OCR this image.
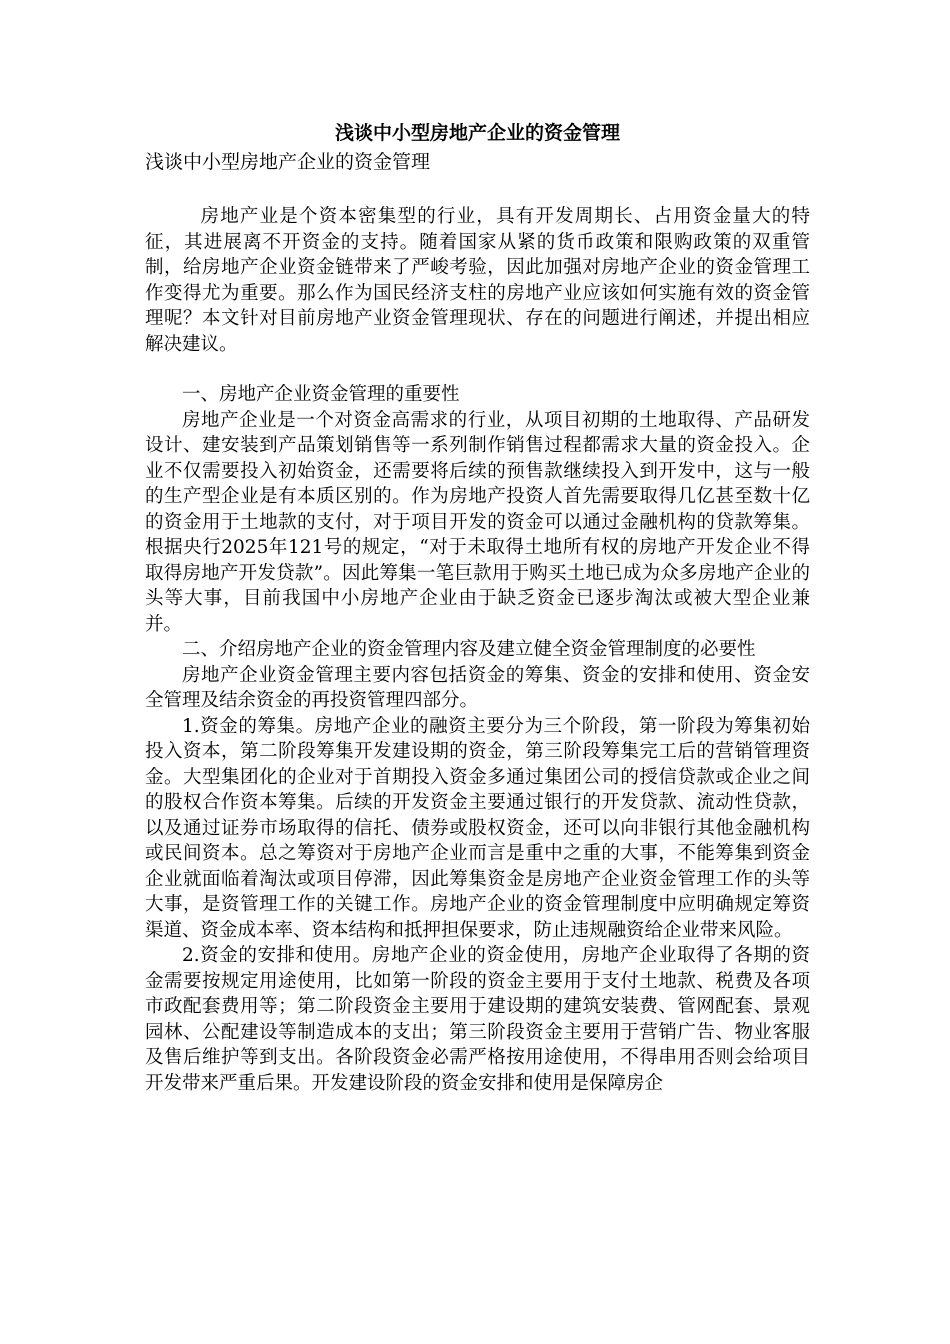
浅谈中小型房地产企业的资金管理

浅谈中小型房地产企业的资金管理

房地产业是个资本密集型的行业，具有开发周期长、占用资金量大的特征，其进展离不开资金的支持。随着国家从紧的货币政策和限购政策的双重管制，给房地产企业资金链带来了严峻考验，因此加强对房地产企业的资金管理工作变得尤为重要。那么作为国民经济支柱的房地产业应该如何实施有效的资金管理呢？本文针对目前房地产业资金管理现状、存在的问题进行阐述，并提出相应解决建议。

一、房地产企业资金管理的重要性

房地产企业是一个对资金高需求的行业，从项目初期的土地取得、产品研发设计、建安装到产品策划销售等一系列制作销售过程都需求大量的资金投入。企业不仅需要投入初始资金，还需要将后续的预售款继续投入到开发中，这与一般的生产型企业是有本质区别的。作为房地产投资人首先需要取得几亿甚至数十亿的资金用于土地款的支付，对于项目开发的资金可以通过金融机构的贷款筹集。根据央行2025年121号的规定，“对于未取得土地所有权的房地产开发企业不得取得房地产开发贷款”。因此筹集一笔巨款用于购买土地已成为众多房地产企业的头等大事，目前我国中小房地产企业由于缺乏资金已逐步淘汰或被大型企业兼并。

二、介绍房地产企业的资金管理内容及建立健全资金管理制度的必要性

房地产企业资金管理主要内容包括资金的筹集、资金的安排和使用、资金安全管理及结余资金的再投资管理四部分。

1.资金的筹集。房地产企业的融资主要分为三个阶段，第一阶段为筹集初始投入资本，第二阶段筹集开发建设期的资金，第三阶段筹集完工后的营销管理资金。大型集团化的企业对于首期投入资金多通过集团公司的授信贷款或企业之间的股权合作资本筹集。后续的开发资金主要通过银行的开发贷款、流动性贷款，以及通过证券市场取得的信托、债券或股权资金，还可以向非银行其他金融机构或民间资本。总之筹资对于房地产企业而言是重中之重的大事，不能筹集到资金企业就面临着淘汰或项目停滞，因此筹集资金是房地产企业资金管理工作的头等大事，是资管理工作的关键工作。房地产企业的资金管理制度中应明确规定筹资渠道、资金成本率、资本结构和抵押担保要求，防止违规融资给企业带来风险。

2.资金的安排和使用。房地产企业的资金使用，房地产企业取得了各期的资金需要按规定用途使用，比如第一阶段的资金主要用于支付土地款、税费及各项市政配套费用等；第二阶段资金主要用于建设期的建筑安装费、管网配套、景观园林、公配建设等制造成本的支出；第三阶段资金主要用于营销广告、物业客服及售后维护等到支出。各阶段资金必需严格按用途使用，不得串用否则会给项目开发带来严重后果。开发建设阶段的资金安排和使用是保障房企
